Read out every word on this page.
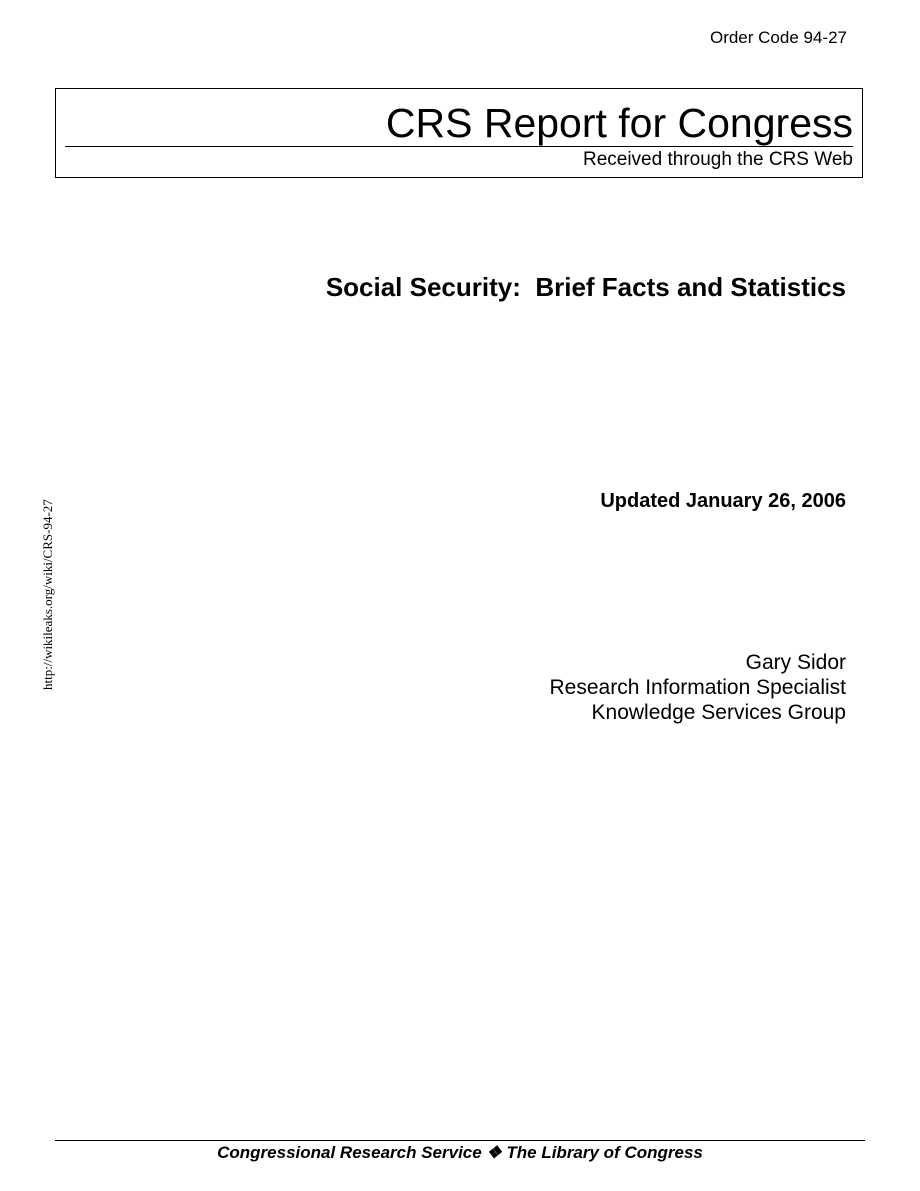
Order Code 94-27
CRS Report for Congress
Received through the CRS Web
Social Security:  Brief Facts and Statistics
Updated January 26, 2006
Gary Sidor
Research Information Specialist
Knowledge Services Group
http://wikileaks.org/wiki/CRS-94-27
Congressional Research Service ❖ The Library of Congress
